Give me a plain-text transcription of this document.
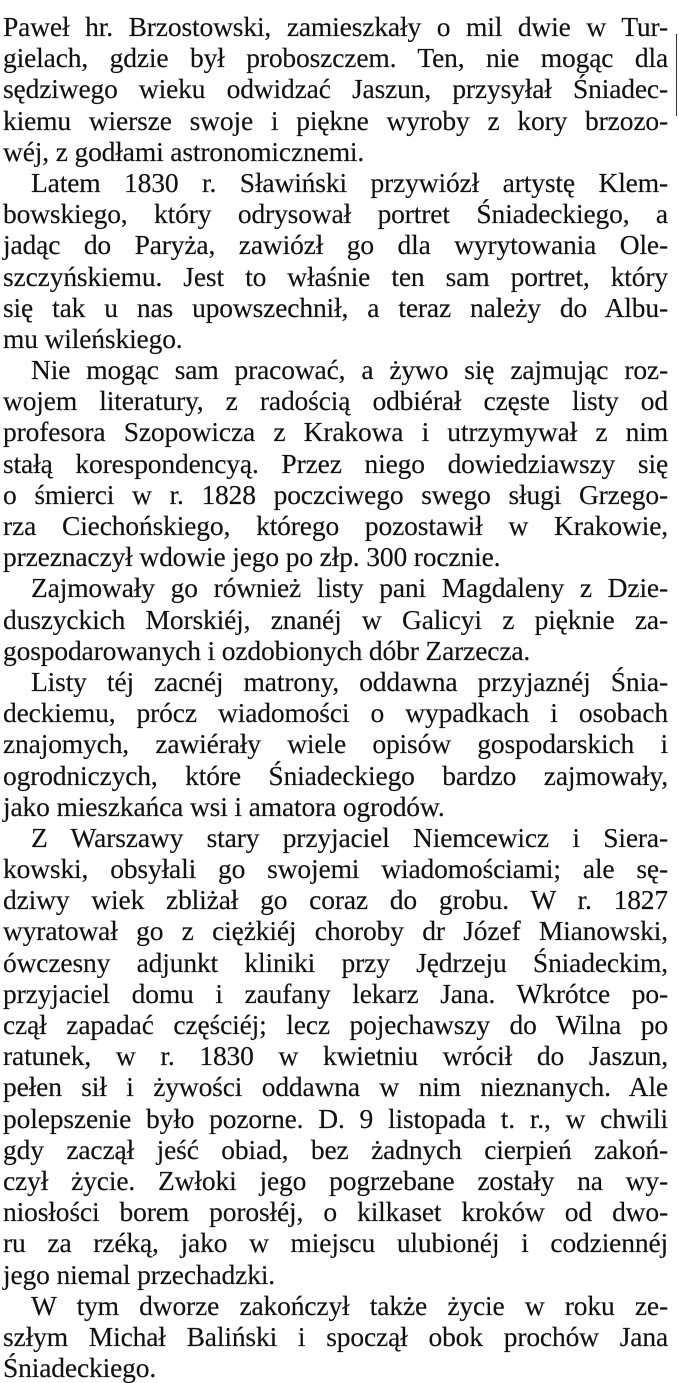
Paweł hr. Brzostowski, zamieszkały o mil dwie w Tur-
gielach, gdzie był proboszczem. Ten, nie mogąc dla
sędziwego wieku odwidzać Jaszun, przysyłał Śniadec-
kiemu wiersze swoje i piękne wyroby z kory brzozo-
wéj, z godłami astronomicznemi.
Latem 1830 r. Sławiński przywiózł artystę Klem-
bowskiego, który odrysował portret Śniadeckiego, a
jadąc do Paryża, zawiózł go dla wyrytowania Ole-
szczyńskiemu. Jest to właśnie ten sam portret, który
się tak u nas upowszechnił, a teraz należy do Albu-
mu wileńskiego.
Nie mogąc sam pracować, a żywo się zajmując roz-
wojem literatury, z radością odbiérał częste listy od
profesora Szopowicza z Krakowa i utrzymywał z nim
stałą korespondencyą. Przez niego dowiedziawszy się
o śmierci w r. 1828 poczciwego swego sługi Grzego-
rza Ciechońskiego, którego pozostawił w Krakowie,
przeznaczył wdowie jego po złp. 300 rocznie.
Zajmowały go również listy pani Magdaleny z Dzie-
duszyckich Morskiéj, znanéj w Galicyi z pięknie za-
gospodarowanych i ozdobionych dóbr Zarzecza.
Listy téj zacnéj matrony, oddawna przyjaznéj Śnia-
deckiemu, prócz wiadomości o wypadkach i osobach
znajomych, zawiérały wiele opisów gospodarskich i
ogrodniczych, które Śniadeckiego bardzo zajmowały,
jako mieszkańca wsi i amatora ogrodów.
Z Warszawy stary przyjaciel Niemcewicz i Siera-
kowski, obsyłali go swojemi wiadomościami; ale sę-
dziwy wiek zbliżał go coraz do grobu. W r. 1827
wyratował go z ciężkiéj choroby dr Józef Mianowski,
ówczesny adjunkt kliniki przy Jędrzeju Śniadeckim,
przyjaciel domu i zaufany lekarz Jana. Wkrótce po-
czął zapadać częściéj; lecz pojechawszy do Wilna po
ratunek, w r. 1830 w kwietniu wrócił do Jaszun,
pełen sił i żywości oddawna w nim nieznanych. Ale
polepszenie było pozorne. D. 9 listopada t. r., w chwili
gdy zaczął jeść obiad, bez żadnych cierpień zakoń-
czył życie. Zwłoki jego pogrzebane zostały na wy-
niosłości borem porosłéj, o kilkaset kroków od dwo-
ru za rzéką, jako w miejscu ulubionéj i codziennéj
jego niemal przechadzki.
W tym dworze zakończył także życie w roku ze-
szłym Michał Baliński i spoczął obok prochów Jana
Śniadeckiego.
